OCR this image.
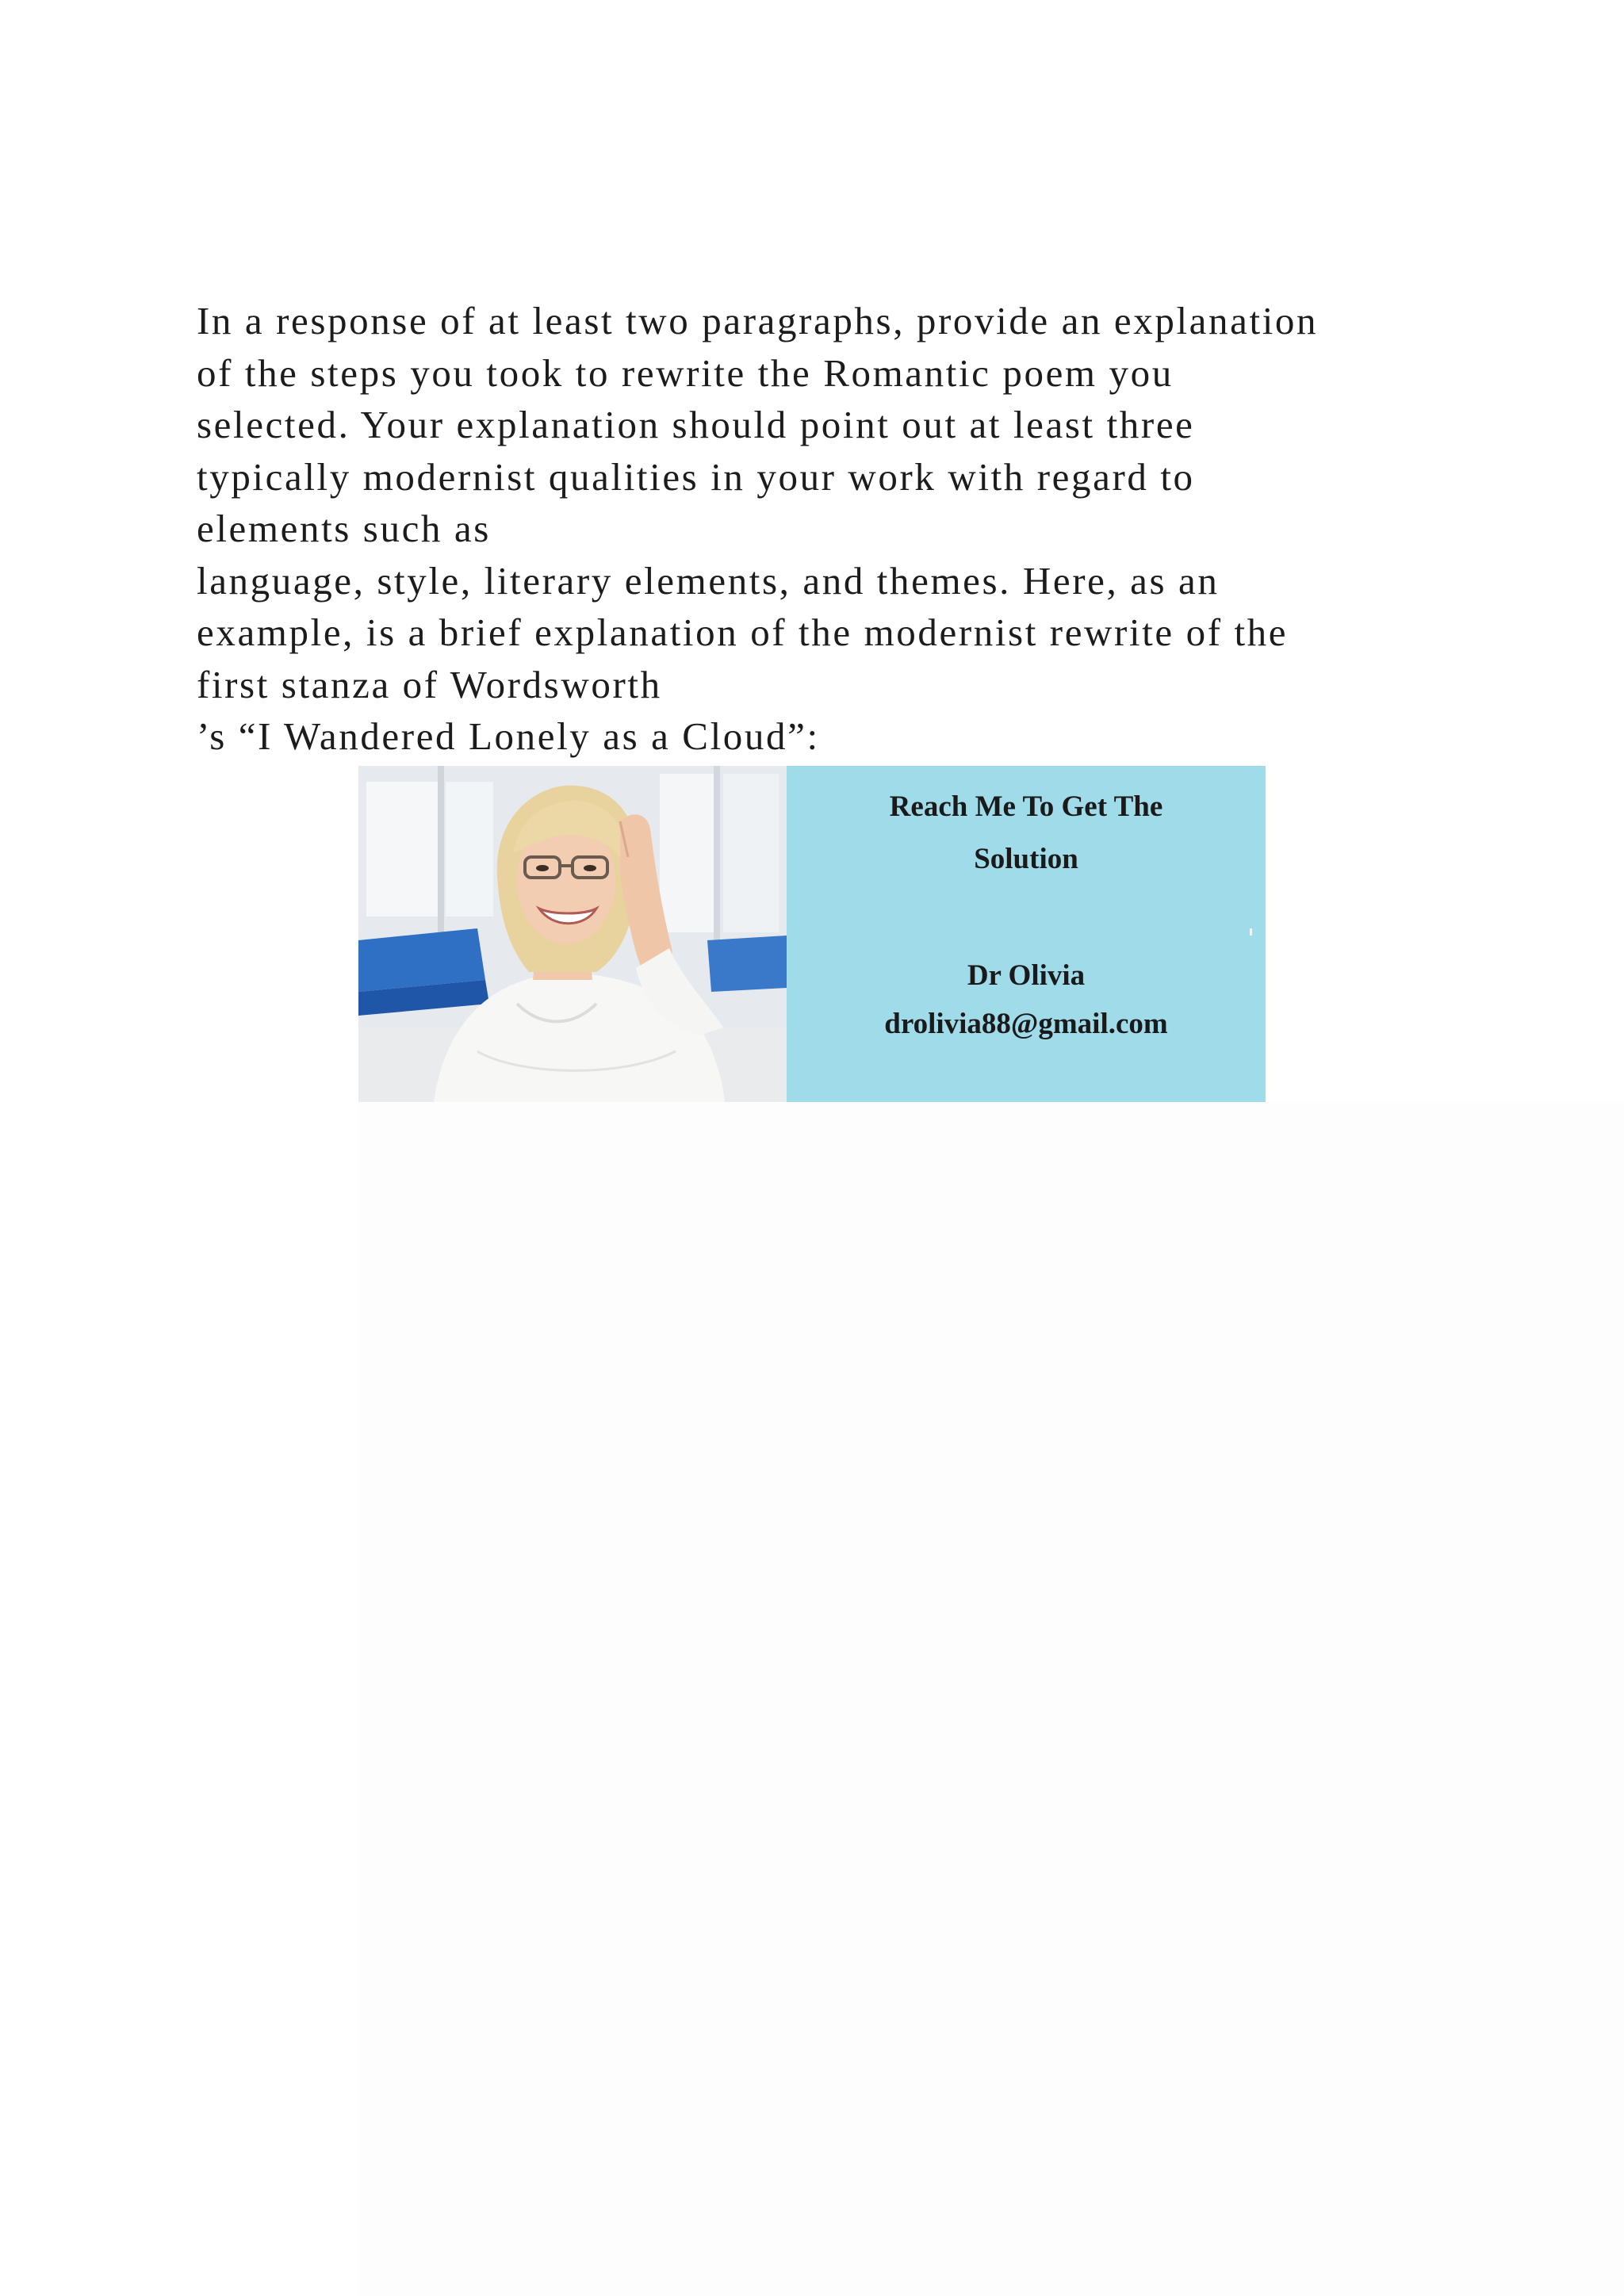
In a response of at least two paragraphs, provide an explanation
of the steps you took to rewrite the Romantic poem you
selected. Your explanation should point out at least three
typically modernist qualities in your work with regard to
elements such as
language, style, literary elements, and themes. Here, as an
example, is a brief explanation of the modernist rewrite of the
first stanza of Wordsworth
’s “I Wandered Lonely as a Cloud”:
Reach Me To Get The
Solution
Dr Olivia
drolivia88@gmail.com
